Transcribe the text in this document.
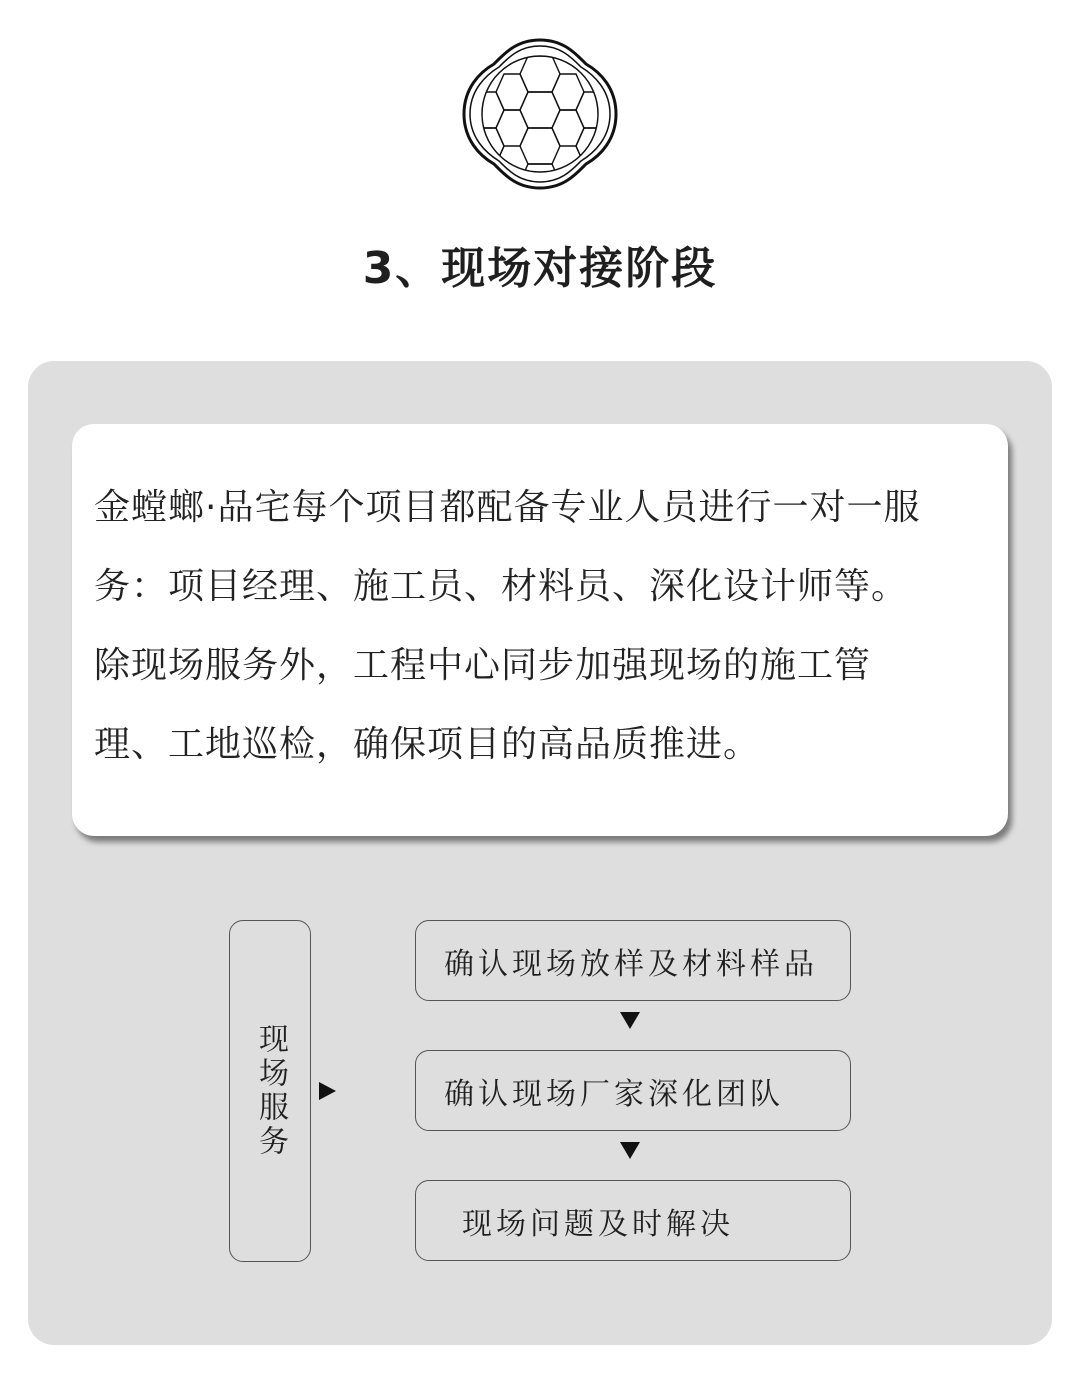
3、现场对接阶段

金螳螂·品宅每个项目都配备专业人员进行一对一服
务：项目经理、施工员、材料员、深化设计师等。
除现场服务外，工程中心同步加强现场的施工管
理、工地巡检，确保项目的高品质推进。

现场服务
确认现场放样及材料样品
确认现场厂家深化团队
现场问题及时解决
